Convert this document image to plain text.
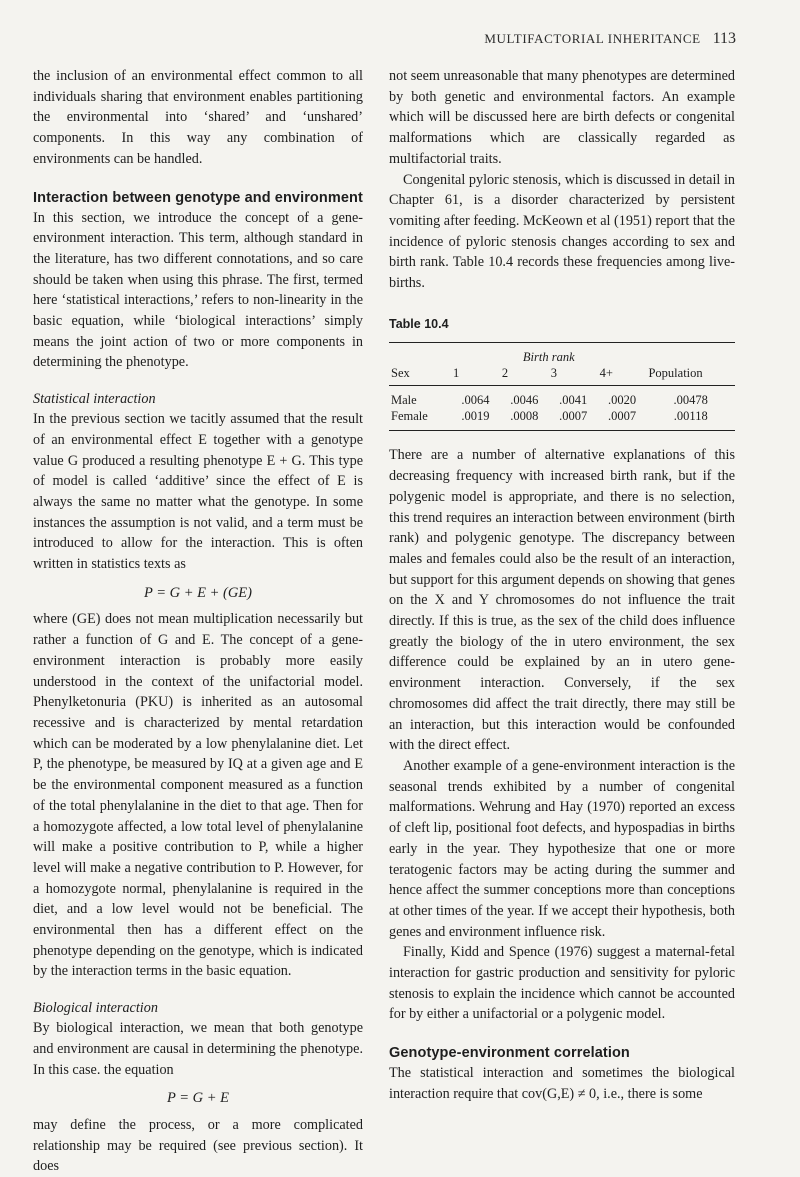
MULTIFACTORIAL INHERITANCE 113

the inclusion of an environmental effect common to all individuals sharing that environment enables partitioning the environmental into ‘shared’ and ‘unshared’ components. In this way any combination of environments can be handled.

Interaction between genotype and environment

In this section, we introduce the concept of a gene-environment interaction. This term, although standard in the literature, has two different connotations, and so care should be taken when using this phrase. The first, termed here ‘statistical interactions,’ refers to non-linearity in the basic equation, while ‘biological interactions’ simply means the joint action of two or more components in determining the phenotype.

Statistical interaction

In the previous section we tacitly assumed that the result of an environmental effect E together with a genotype value G produced a resulting phenotype E + G. This type of model is called ‘additive’ since the effect of E is always the same no matter what the genotype. In some instances the assumption is not valid, and a term must be introduced to allow for the interaction. This is often written in statistics texts as

P = G + E + (GE)

where (GE) does not mean multiplication necessarily but rather a function of G and E. The concept of a gene-environment interaction is probably more easily understood in the context of the unifactorial model. Phenylketonuria (PKU) is inherited as an autosomal recessive and is characterized by mental retardation which can be moderated by a low phenylalanine diet. Let P, the phenotype, be measured by IQ at a given age and E be the environmental component measured as a function of the total phenylalanine in the diet to that age. Then for a homozygote affected, a low total level of phenylalanine will make a positive contribution to P, while a higher level will make a negative contribution to P. However, for a homozygote normal, phenylalanine is required in the diet, and a low level would not be beneficial. The environmental then has a different effect on the phenotype depending on the genotype, which is indicated by the interaction terms in the basic equation.

Biological interaction

By biological interaction, we mean that both genotype and environment are causal in determining the phenotype. In this case. the equation

P = G + E

may define the process, or a more complicated relationship may be required (see previous section). It does

not seem unreasonable that many phenotypes are determined by both genetic and environmental factors. An example which will be discussed here are birth defects or congenital malformations which are classically regarded as multifactorial traits.

Congenital pyloric stenosis, which is discussed in detail in Chapter 61, is a disorder characterized by persistent vomiting after feeding. McKeown et al (1951) report that the incidence of pyloric stenosis changes according to sex and birth rank. Table 10.4 records these frequencies among live-births.

Table 10.4
	Birth rank				
Sex	1	2	3	4+	Population
Male	.0064	.0046	.0041	.0020	.00478
Female	.0019	.0008	.0007	.0007	.00118

There are a number of alternative explanations of this decreasing frequency with increased birth rank, but if the polygenic model is appropriate, and there is no selection, this trend requires an interaction between environment (birth rank) and polygenic genotype. The discrepancy between males and females could also be the result of an interaction, but support for this argument depends on showing that genes on the X and Y chromosomes do not influence the trait directly. If this is true, as the sex of the child does influence greatly the biology of the in utero environment, the sex difference could be explained by an in utero gene-environment interaction. Conversely, if the sex chromosomes did affect the trait directly, there may still be an interaction, but this interaction would be confounded with the direct effect.

Another example of a gene-environment interaction is the seasonal trends exhibited by a number of congenital malformations. Wehrung and Hay (1970) reported an excess of cleft lip, positional foot defects, and hypospadias in births early in the year. They hypothesize that one or more teratogenic factors may be acting during the summer and hence affect the summer conceptions more than conceptions at other times of the year. If we accept their hypothesis, both genes and environment influence risk.

Finally, Kidd and Spence (1976) suggest a maternal-fetal interaction for gastric production and sensitivity for pyloric stenosis to explain the incidence which cannot be accounted for by either a unifactorial or a polygenic model.

Genotype-environment correlation

The statistical interaction and sometimes the biological interaction require that cov(G,E) ≠ 0, i.e., there is some
